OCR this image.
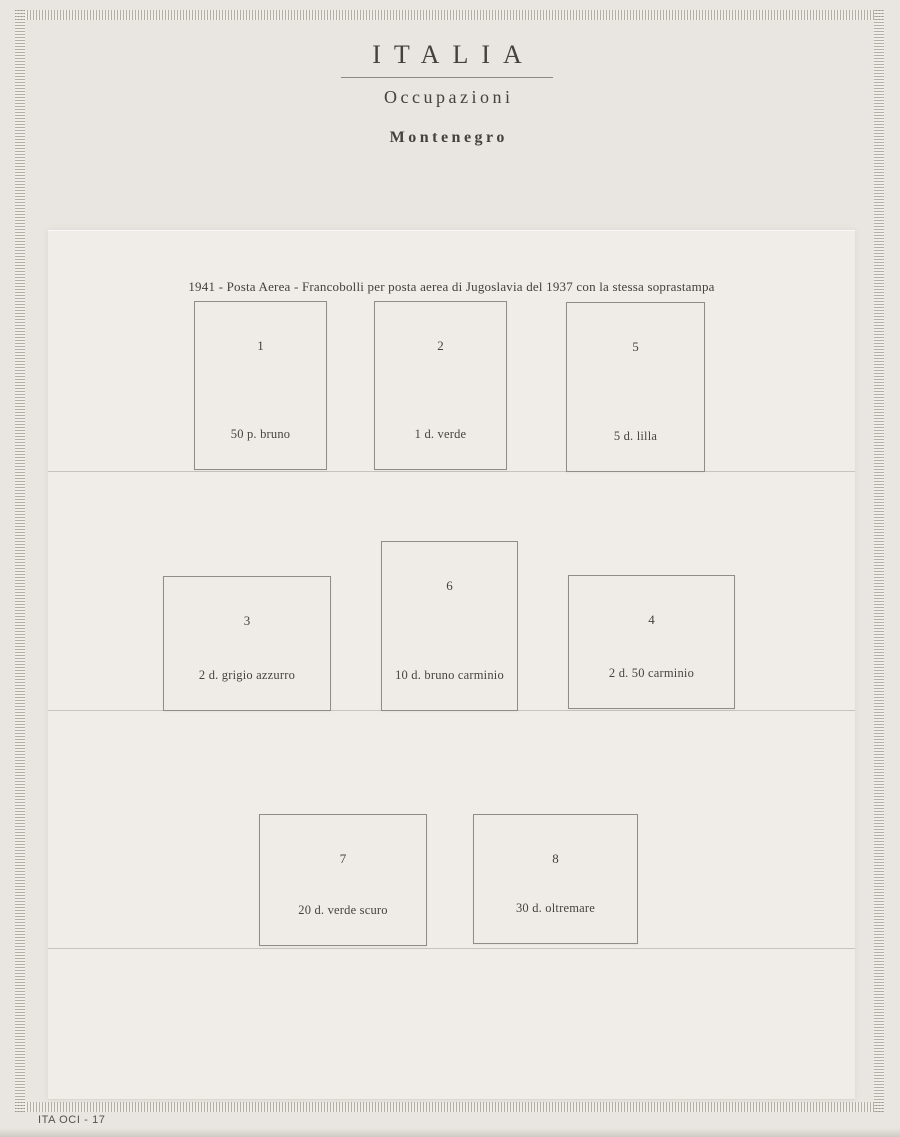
ITALIA
Occupazioni
Montenegro
1941 - Posta Aerea - Francobolli per posta aerea di Jugoslavia del 1937 con la stessa soprastampa
1
50 p. bruno
2
1 d. verde
5
5 d. lilla
3
2 d. grigio azzurro
6
10 d. bruno carminio
4
2 d. 50 carminio
7
20 d. verde scuro
8
30 d. oltremare
ITA OCI - 17
